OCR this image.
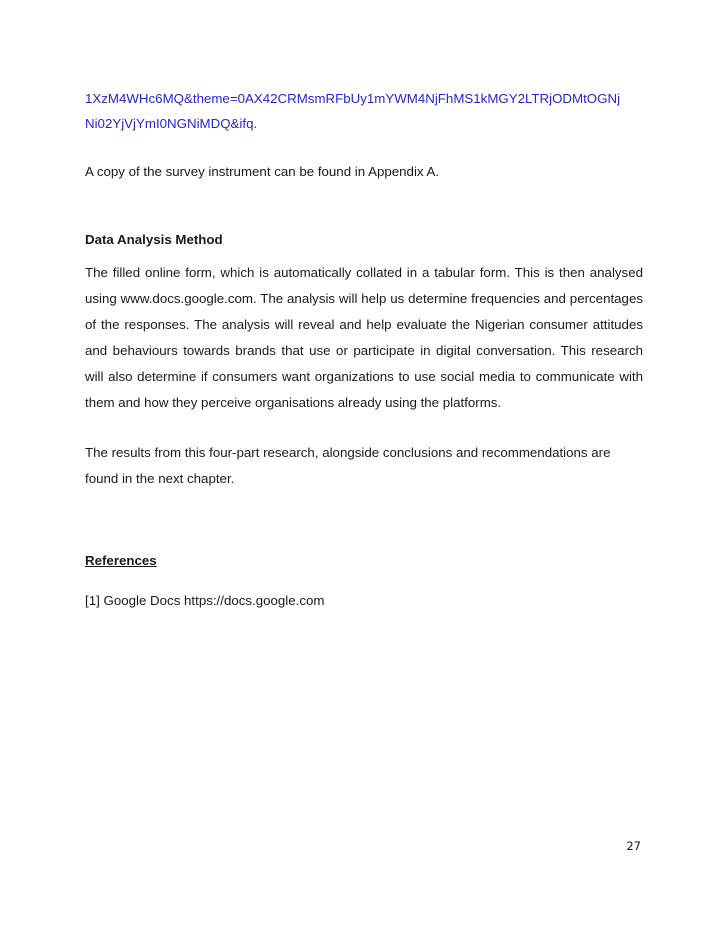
1XzM4WHc6MQ&theme=0AX42CRMsmRFbUy1mYWM4NjFhMS1kMGY2LTRjODMtOGNj
Ni02YjVjYmI0NGNiMDQ&ifq.

A copy of the survey instrument can be found in Appendix A.

Data Analysis Method

The filled online form, which is automatically collated in a tabular form. This is then analysed using www.docs.google.com. The analysis will help us determine frequencies and percentages of the responses. The analysis will reveal and help evaluate the Nigerian consumer attitudes and behaviours towards brands that use or participate in digital conversation. This research will also determine if consumers want organizations to use social media to communicate with them and how they perceive organisations already using the platforms.

The results from this four-part research, alongside conclusions and recommendations are found in the next chapter.

References

[1] Google Docs https://docs.google.com

27
